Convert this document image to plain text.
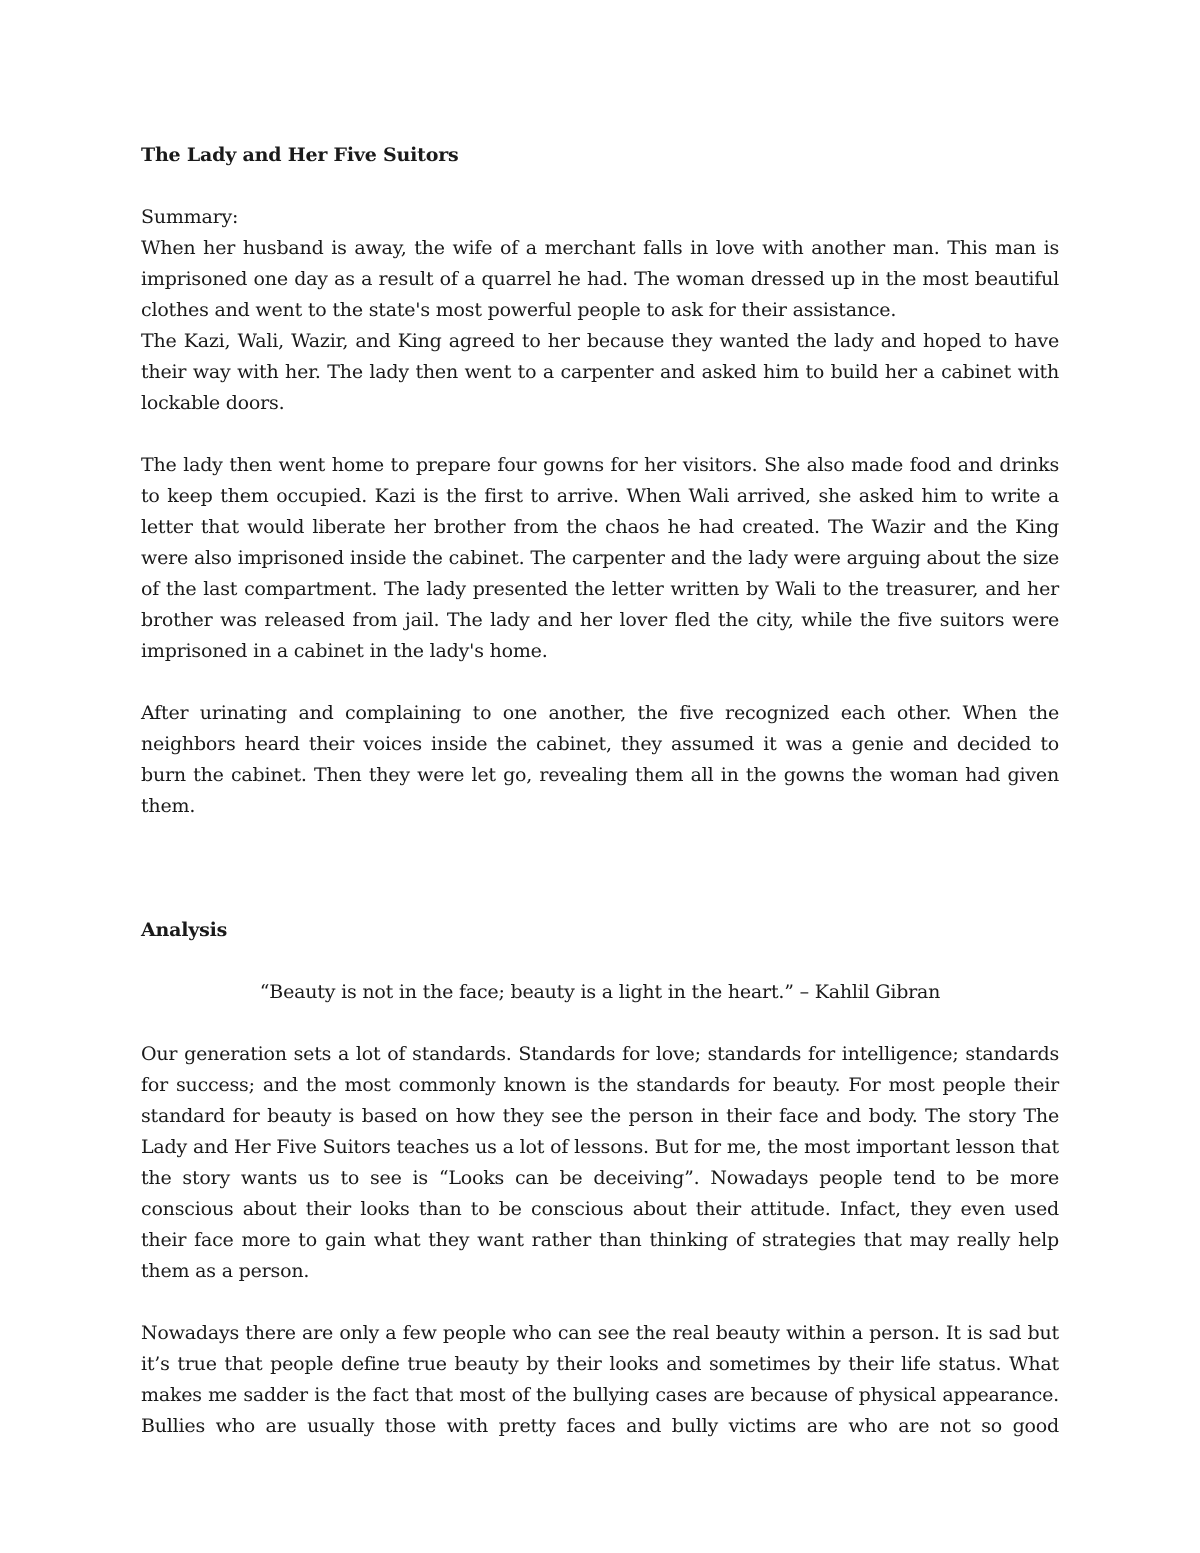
The Lady and Her Five Suitors

Summary:

When her husband is away, the wife of a merchant falls in love with another man. This man is imprisoned one day as a result of a quarrel he had. The woman dressed up in the most beautiful clothes and went to the state's most powerful people to ask for their assistance.

The Kazi, Wali, Wazir, and King agreed to her because they wanted the lady and hoped to have their way with her. The lady then went to a carpenter and asked him to build her a cabinet with lockable doors.

The lady then went home to prepare four gowns for her visitors. She also made food and drinks to keep them occupied. Kazi is the first to arrive. When Wali arrived, she asked him to write a letter that would liberate her brother from the chaos he had created. The Wazir and the King were also imprisoned inside the cabinet. The carpenter and the lady were arguing about the size of the last compartment. The lady presented the letter written by Wali to the treasurer, and her brother was released from jail. The lady and her lover fled the city, while the five suitors were imprisoned in a cabinet in the lady's home.

After urinating and complaining to one another, the five recognized each other. When the neighbors heard their voices inside the cabinet, they assumed it was a genie and decided to burn the cabinet. Then they were let go, revealing them all in the gowns the woman had given them.

Analysis

“Beauty is not in the face; beauty is a light in the heart.” – Kahlil Gibran

Our generation sets a lot of standards. Standards for love; standards for intelligence; standards for success; and the most commonly known is the standards for beauty. For most people their standard for beauty is based on how they see the person in their face and body. The story The Lady and Her Five Suitors teaches us a lot of lessons. But for me, the most important lesson that the story wants us to see is “Looks can be deceiving”. Nowadays people tend to be more conscious about their looks than to be conscious about their attitude. Infact, they even used their face more to gain what they want rather than thinking of strategies that may really help them as a person.

Nowadays there are only a few people who can see the real beauty within a person. It is sad but it’s true that people define true beauty by their looks and sometimes by their life status. What makes me sadder is the fact that most of the bullying cases are because of physical appearance. Bullies who are usually those with pretty faces and bully victims are who are not so good
